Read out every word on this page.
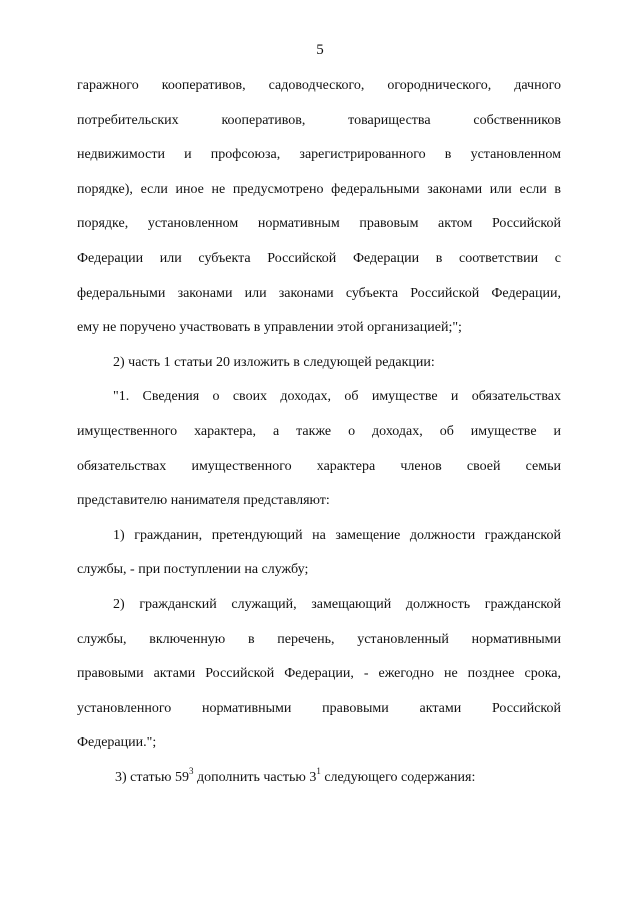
5
гаражного кооперативов, садоводческого, огороднического, дачного
потребительских кооперативов, товарищества собственников
недвижимости и профсоюза, зарегистрированного в установленном
порядке), если иное не предусмотрено федеральными законами или если в
порядке, установленном нормативным правовым актом Российской
Федерации или субъекта Российской Федерации в соответствии с
федеральными законами или законами субъекта Российской Федерации,
ему не поручено участвовать в управлении этой организацией;";
2) часть 1 статьи 20 изложить в следующей редакции:
"1. Сведения о своих доходах, об имуществе и обязательствах
имущественного характера, а также о доходах, об имуществе и
обязательствах имущественного характера членов своей семьи
представителю нанимателя представляют:
1) гражданин, претендующий на замещение должности гражданской
службы, - при поступлении на службу;
2) гражданский служащий, замещающий должность гражданской
службы, включенную в перечень, установленный нормативными
правовыми актами Российской Федерации, - ежегодно не позднее срока,
установленного нормативными правовыми актами Российской
Федерации.";
3) статью $59^3$ дополнить частью $3^1$ следующего содержания:
